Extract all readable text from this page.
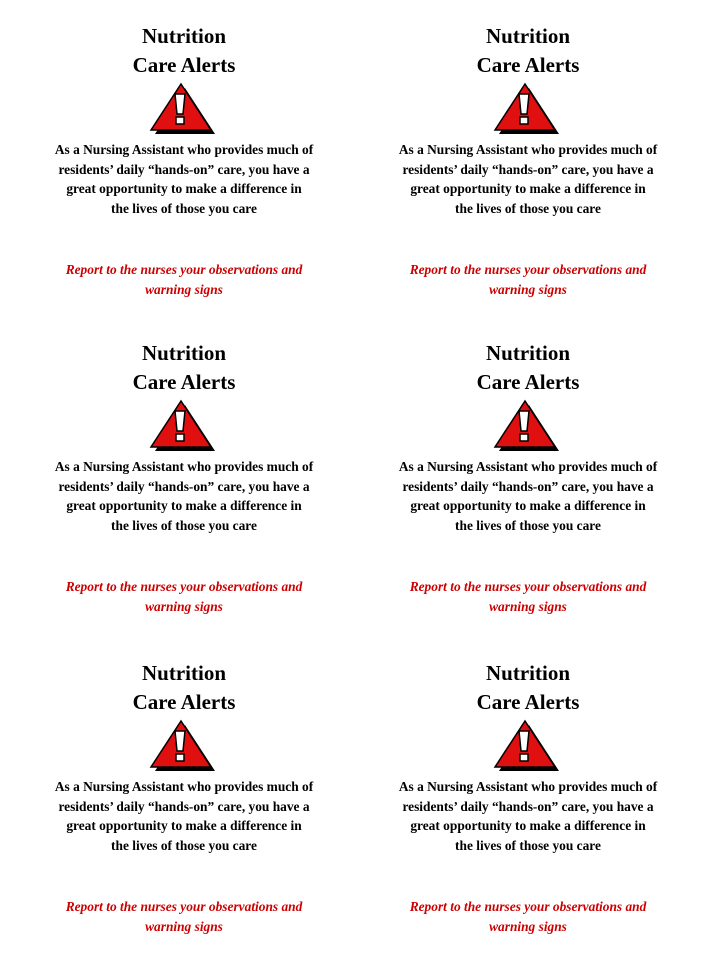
Nutrition

Care Alerts

As a Nursing Assistant who provides much of
residents’ daily “hands-on” care, you have a
great opportunity to make a difference in
the lives of those you care

Report to the nurses your observations and
warning signs

Nutrition

Care Alerts

As a Nursing Assistant who provides much of
residents’ daily “hands-on” care, you have a
great opportunity to make a difference in
the lives of those you care

Report to the nurses your observations and
warning signs

Nutrition

Care Alerts

As a Nursing Assistant who provides much of
residents’ daily “hands-on” care, you have a
great opportunity to make a difference in
the lives of those you care

Report to the nurses your observations and
warning signs

Nutrition

Care Alerts

As a Nursing Assistant who provides much of
residents’ daily “hands-on” care, you have a
great opportunity to make a difference in
the lives of those you care

Report to the nurses your observations and
warning signs

Nutrition

Care Alerts

As a Nursing Assistant who provides much of
residents’ daily “hands-on” care, you have a
great opportunity to make a difference in
the lives of those you care

Report to the nurses your observations and
warning signs

Nutrition

Care Alerts

As a Nursing Assistant who provides much of
residents’ daily “hands-on” care, you have a
great opportunity to make a difference in
the lives of those you care

Report to the nurses your observations and
warning signs
